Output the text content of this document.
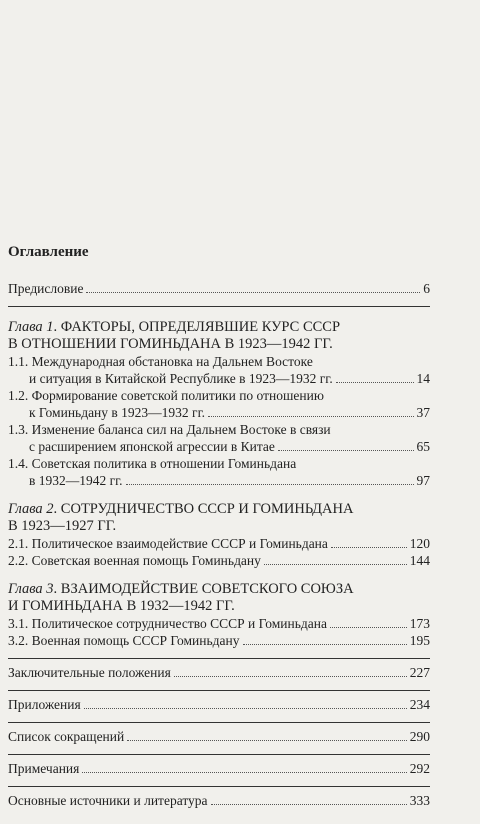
Оглавление
Предисловие	6
Глава 1. ФАКТОРЫ, ОПРЕДЕЛЯВШИЕ КУРС СССР
В ОТНОШЕНИИ ГОМИНЬДАНА В 1923—1942 ГГ.
1.1. Международная обстановка на Дальнем Востоке
и ситуация в Китайской Республике в 1923—1932 гг.	14
1.2. Формирование советской политики по отношению
к Гоминьдану в 1923—1932 гг.	37
1.3. Изменение баланса сил на Дальнем Востоке в связи
с расширением японской агрессии в Китае	65
1.4. Советская политика в отношении Гоминьдана
в 1932—1942 гг.	97
Глава 2. СОТРУДНИЧЕСТВО СССР И ГОМИНЬДАНА
В 1923—1927 ГГ.
2.1. Политическое взаимодействие СССР и Гоминьдана	120
2.2. Советская военная помощь Гоминьдану	144
Глава 3. ВЗАИМОДЕЙСТВИЕ СОВЕТСКОГО СОЮЗА
И ГОМИНЬДАНА В 1932—1942 ГГ.
3.1. Политическое сотрудничество СССР и Гоминьдана	173
3.2. Военная помощь СССР Гоминьдану	195
Заключительные положения	227
Приложения	234
Список сокращений	290
Примечания	292
Основные источники и литература	333
